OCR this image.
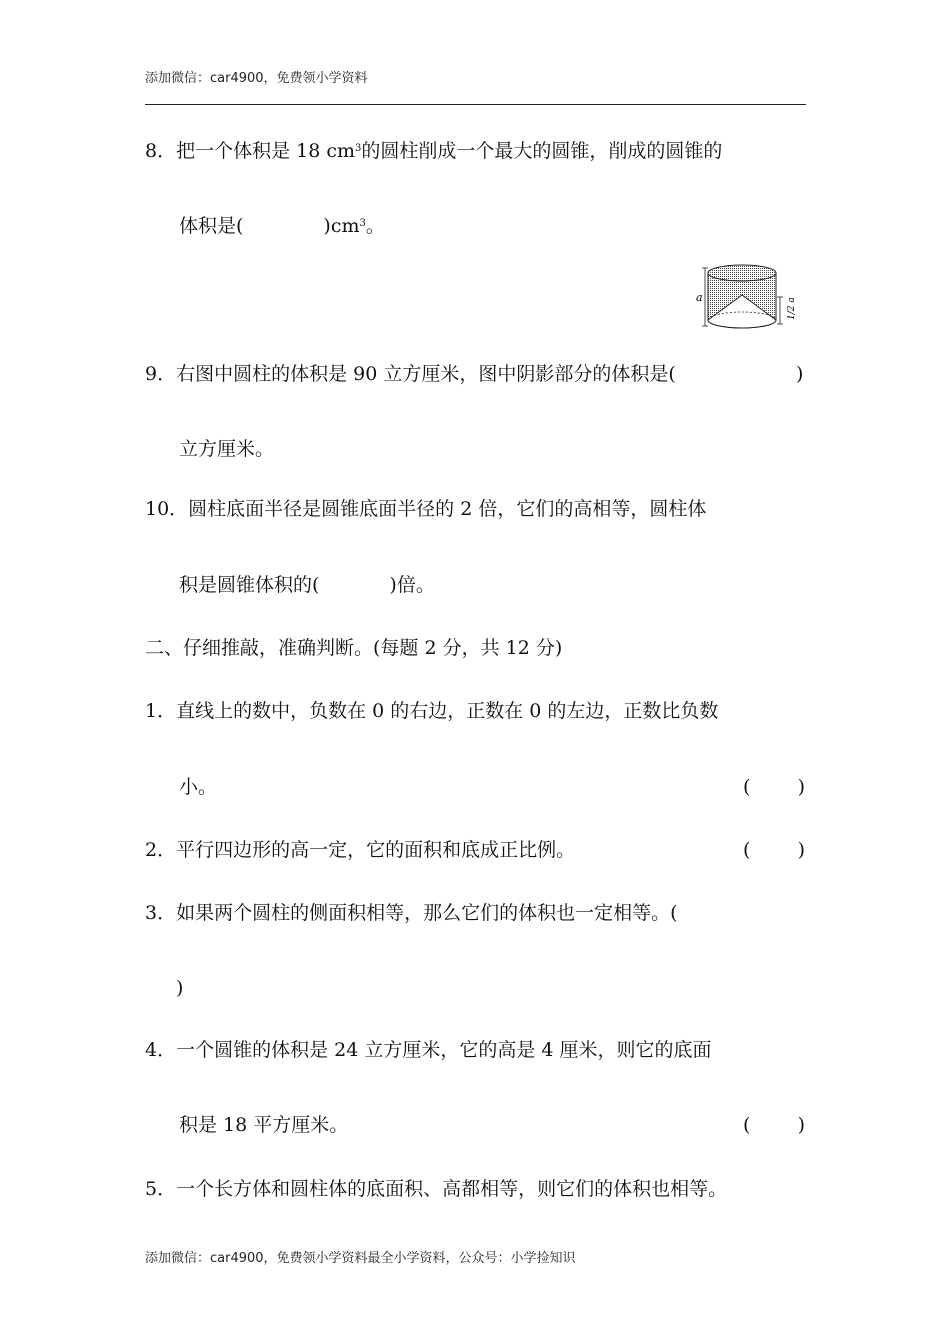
添加微信：car4900，免费领小学资料
8．把一个体积是 18 $cm^3$的圆柱削成一个最大的圆锥，削成的圆锥的
体积是(	)$cm^3$。
a	1/2 a
9．右图中圆柱的体积是 90 立方厘米，图中阴影部分的体积是(	)
立方厘米。
10．圆柱底面半径是圆锥底面半径的 2 倍，它们的高相等，圆柱体
积是圆锥体积的(	)倍。
二、仔细推敲，准确判断。(每题 2 分，共 12 分)
1．直线上的数中，负数在 0 的右边，正数在 0 的左边，正数比负数
小。	( )
2．平行四边形的高一定，它的面积和底成正比例。	( )
3．如果两个圆柱的侧面积相等，那么它们的体积也一定相等。(
)
4．一个圆锥的体积是 24 立方厘米，它的高是 4 厘米，则它的底面
积是 18 平方厘米。	( )
5．一个长方体和圆柱体的底面积、高都相等，则它们的体积也相等。
添加微信：car4900，免费领小学资料最全小学资料，公众号：小学捡知识
